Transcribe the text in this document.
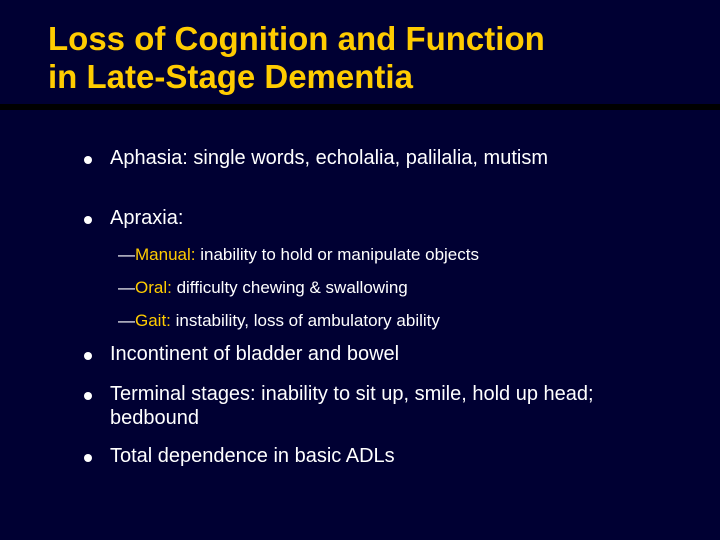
Loss of Cognition and Function
in Late-Stage Dementia
Aphasia: single words, echolalia, palilalia, mutism
Apraxia:
—Manual: inability to hold or manipulate objects
—Oral: difficulty chewing & swallowing
—Gait: instability, loss of ambulatory ability
Incontinent of bladder and bowel
Terminal stages: inability to sit up, smile, hold up head; bedbound
Total dependence in basic ADLs
